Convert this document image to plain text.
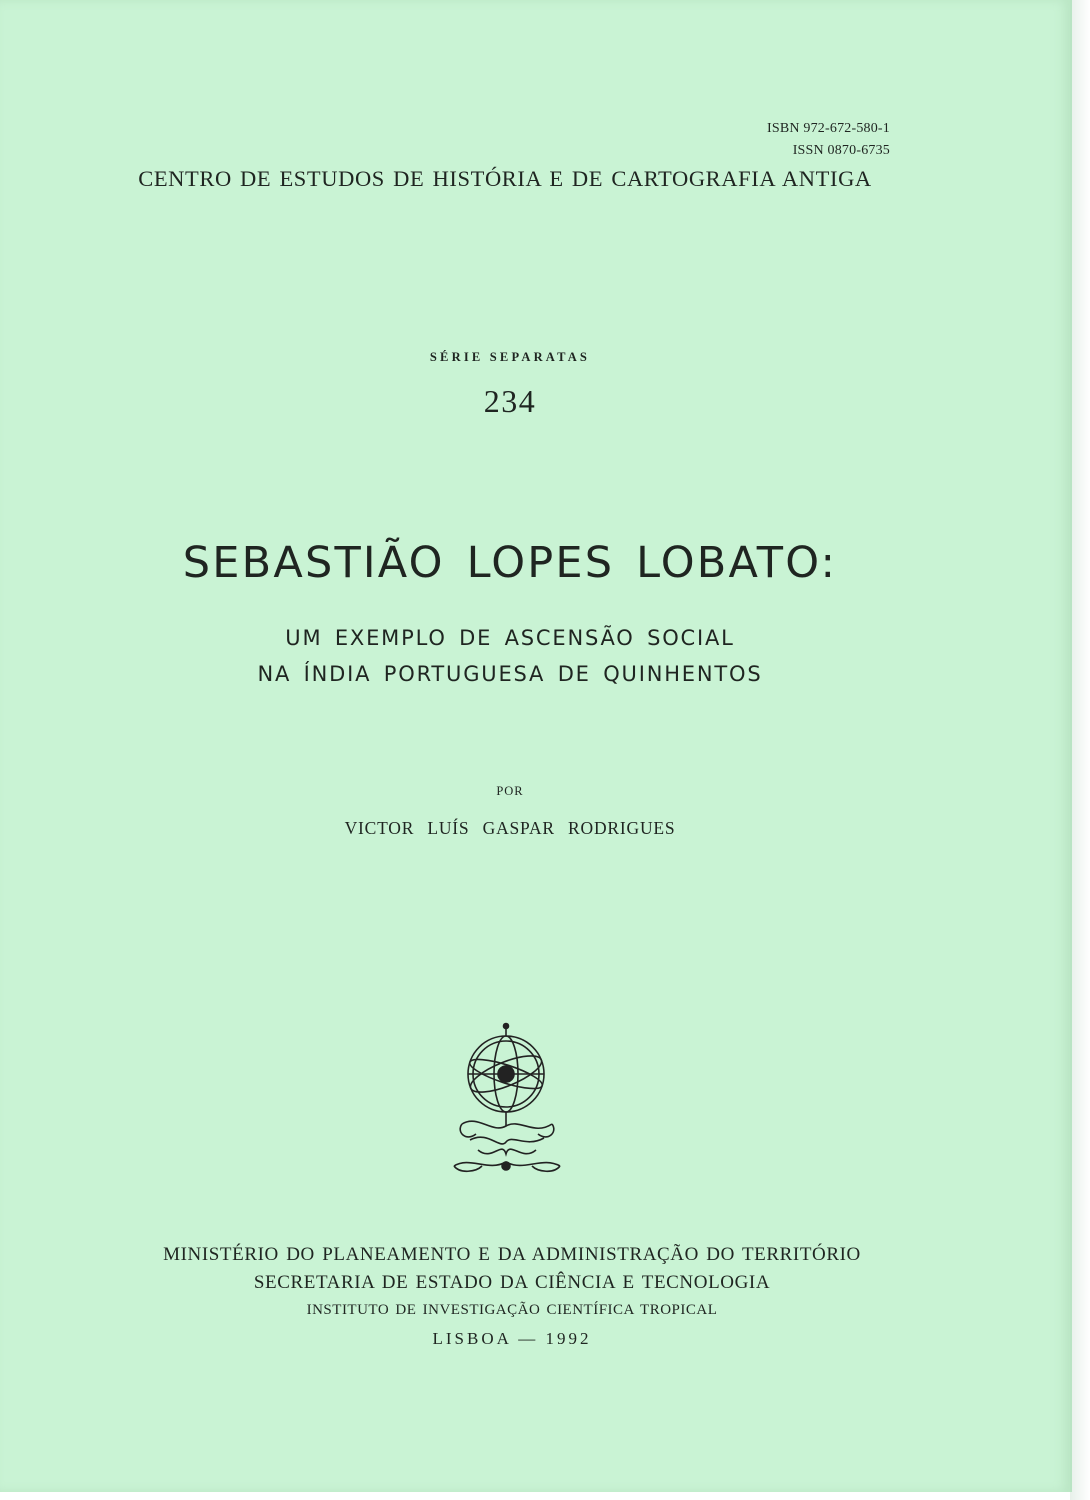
ISBN 972-672-580-1
ISSN 0870-6735
CENTRO DE ESTUDOS DE HISTÓRIA E DE CARTOGRAFIA ANTIGA
SÉRIE SEPARATAS
234
SEBASTIÃO LOPES LOBATO:
UM EXEMPLO DE ASCENSÃO SOCIAL
NA ÍNDIA PORTUGUESA DE QUINHENTOS
POR
VICTOR LUÍS GASPAR RODRIGUES
MINISTÉRIO DO PLANEAMENTO E DA ADMINISTRAÇÃO DO TERRITÓRIO
SECRETARIA DE ESTADO DA CIÊNCIA E TECNOLOGIA
INSTITUTO DE INVESTIGAÇÃO CIENTÍFICA TROPICAL
LISBOA — 1992
